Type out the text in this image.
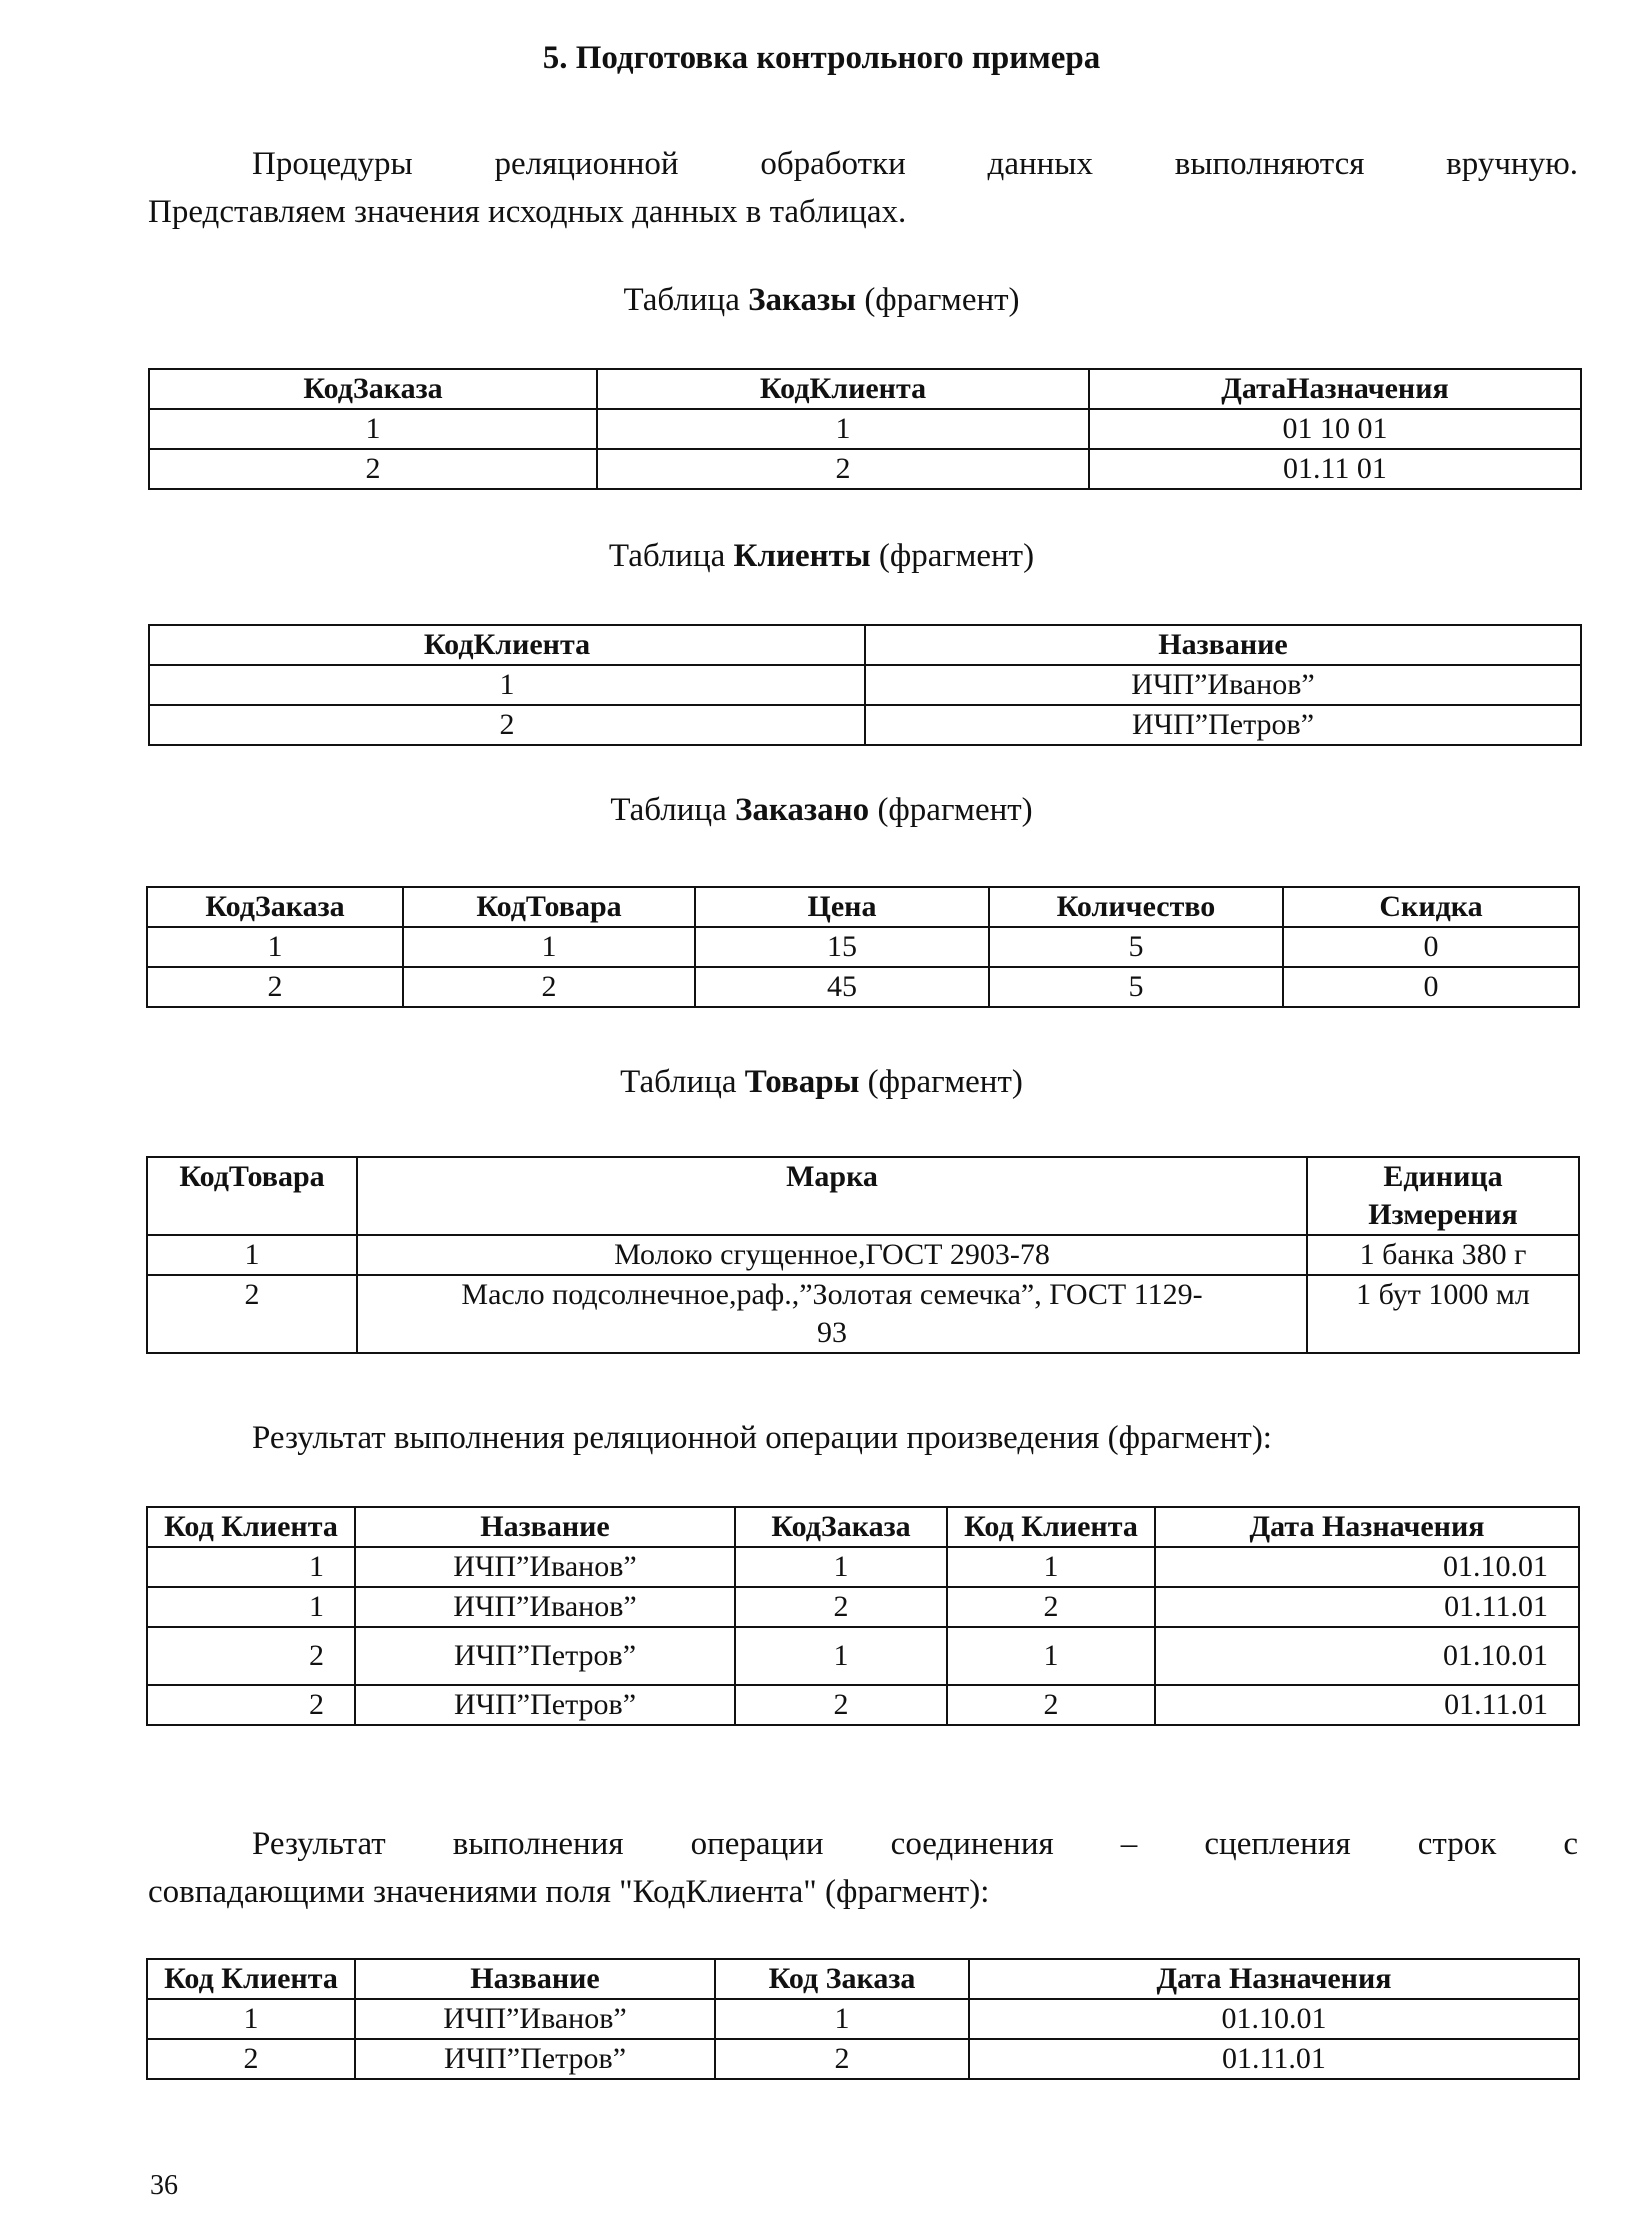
5. Подготовка контрольного примера
Процедуры реляционной обработки данных выполняются вручную.
Представляем значения исходных данных в таблицах.
Таблица Заказы (фрагмент)
КодЗаказа	КодКлиента	ДатаНазначения
1	1	01 10 01
2	2	01.11 01
Таблица Клиенты (фрагмент)
КодКлиента	Название
1	ИЧП”Иванов”
2	ИЧП”Петров”
Таблица Заказано (фрагмент)
КодЗаказа	КодТовара	Цена	Количество	Скидка
1	1	15	5	0
2	2	45	5	0
Таблица Товары (фрагмент)
КодТовара	Марка	Единица Измерения
1	Молоко сгущенное,ГОСТ 2903-78	1 банка 380 г
2	Масло подсолнечное,раф.,”Золотая семечка”, ГОСТ 1129-93	1 бут 1000 мл
Результат выполнения реляционной операции произведения (фрагмент):
Код Клиента	Название	КодЗаказа	Код Клиента	Дата Назначения
1	ИЧП”Иванов”	1	1	01.10.01
1	ИЧП”Иванов”	2	2	01.11.01
2	ИЧП”Петров”	1	1	01.10.01
2	ИЧП”Петров”	2	2	01.11.01
Результат выполнения операции соединения – сцепления строк с
совпадающими значениями поля "КодКлиента" (фрагмент):
Код Клиента	Название	Код Заказа	Дата Назначения
1	ИЧП”Иванов”	1	01.10.01
2	ИЧП”Петров”	2	01.11.01
36
